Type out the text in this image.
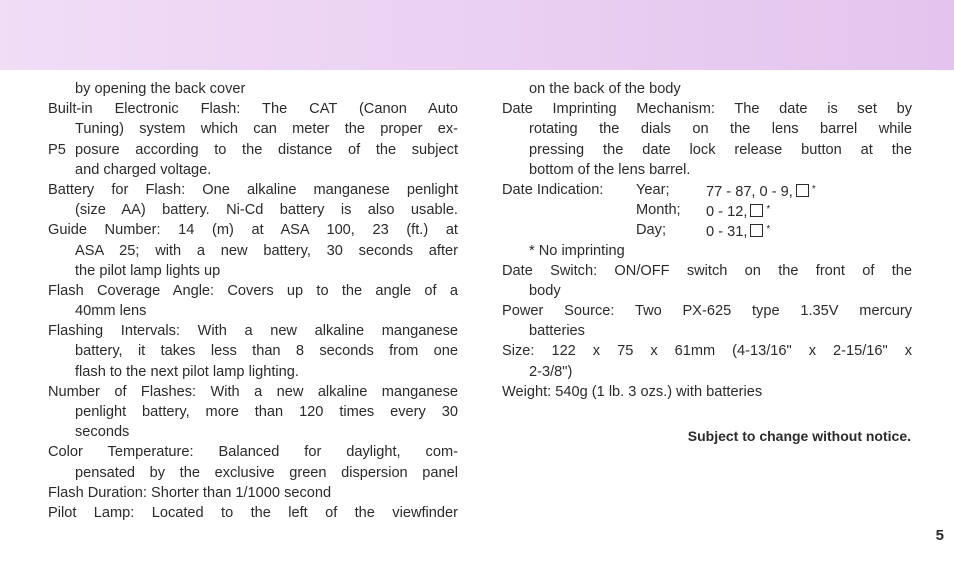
by opening the back cover
Built-in Electronic Flash: The CAT (Canon Auto
Tuning) system which can meter the proper ex-
P5 posure according to the distance of the subject
and charged voltage.
Battery for Flash: One alkaline manganese penlight
(size AA) battery. Ni-Cd battery is also usable.
Guide Number: 14 (m) at ASA 100, 23 (ft.) at
ASA 25; with a new battery, 30 seconds after
the pilot lamp lights up
Flash Coverage Angle: Covers up to the angle of a
40mm lens
Flashing Intervals: With a new alkaline manganese
battery, it takes less than 8 seconds from one
flash to the next pilot lamp lighting.
Number of Flashes: With a new alkaline manganese
penlight battery, more than 120 times every 30
seconds
Color Temperature: Balanced for daylight, com-
pensated by the exclusive green dispersion panel
Flash Duration: Shorter than 1/1000 second
Pilot Lamp: Located to the left of the viewfinder
on the back of the body
Date Imprinting Mechanism: The date is set by
rotating the dials on the lens barrel while
pressing the date lock release button at the
bottom of the lens barrel.
Date Indication: Year; 77 - 87, 0 - 9, *
Month; 0 - 12, *
Day;	0 - 31, *
* No imprinting
Date Switch: ON/OFF switch on the front of the
body
Power Source: Two PX-625 type 1.35V mercury
batteries
Size: 122 x 75 x 61mm (4-13/16" x 2-15/16" x
2-3/8")
Weight: 540g (1 lb. 3 ozs.) with batteries
Subject to change without notice.
5
